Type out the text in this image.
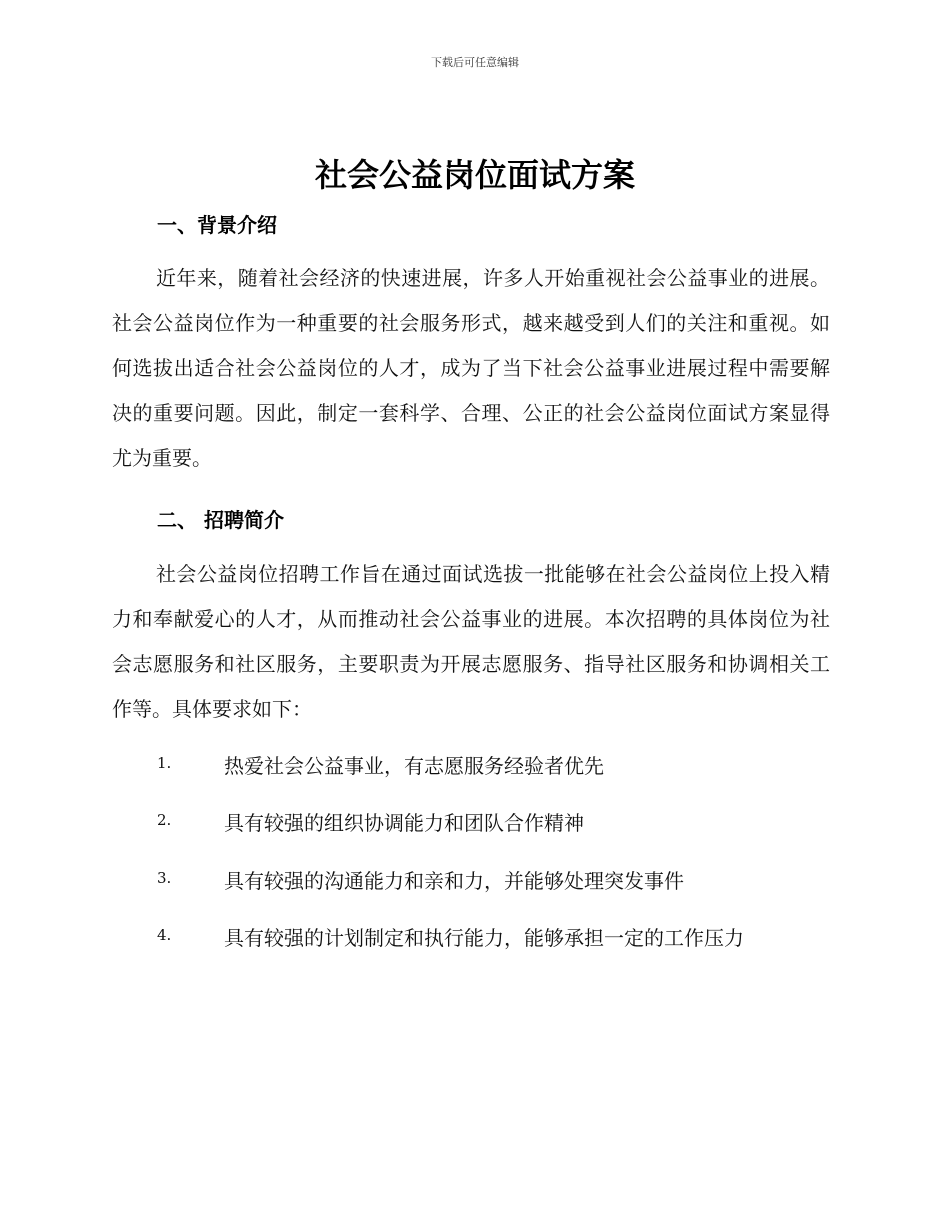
下载后可任意编辑
社会公益岗位面试方案
一、背景介绍

近年来，随着社会经济的快速进展，许多人开始重视社会公益事业的进展。社会公益岗位作为一种重要的社会服务形式，越来越受到人们的关注和重视。如何选拔出适合社会公益岗位的人才，成为了当下社会公益事业进展过程中需要解决的重要问题。因此，制定一套科学、合理、公正的社会公益岗位面试方案显得尤为重要。

二、 招聘简介

社会公益岗位招聘工作旨在通过面试选拔一批能够在社会公益岗位上投入精力和奉献爱心的人才，从而推动社会公益事业的进展。本次招聘的具体岗位为社会志愿服务和社区服务，主要职责为开展志愿服务、指导社区服务和协调相关工作等。具体要求如下：

1.	热爱社会公益事业，有志愿服务经验者优先
2.	具有较强的组织协调能力和团队合作精神
3.	具有较强的沟通能力和亲和力，并能够处理突发事件
4.	具有较强的计划制定和执行能力，能够承担一定的工作压力
